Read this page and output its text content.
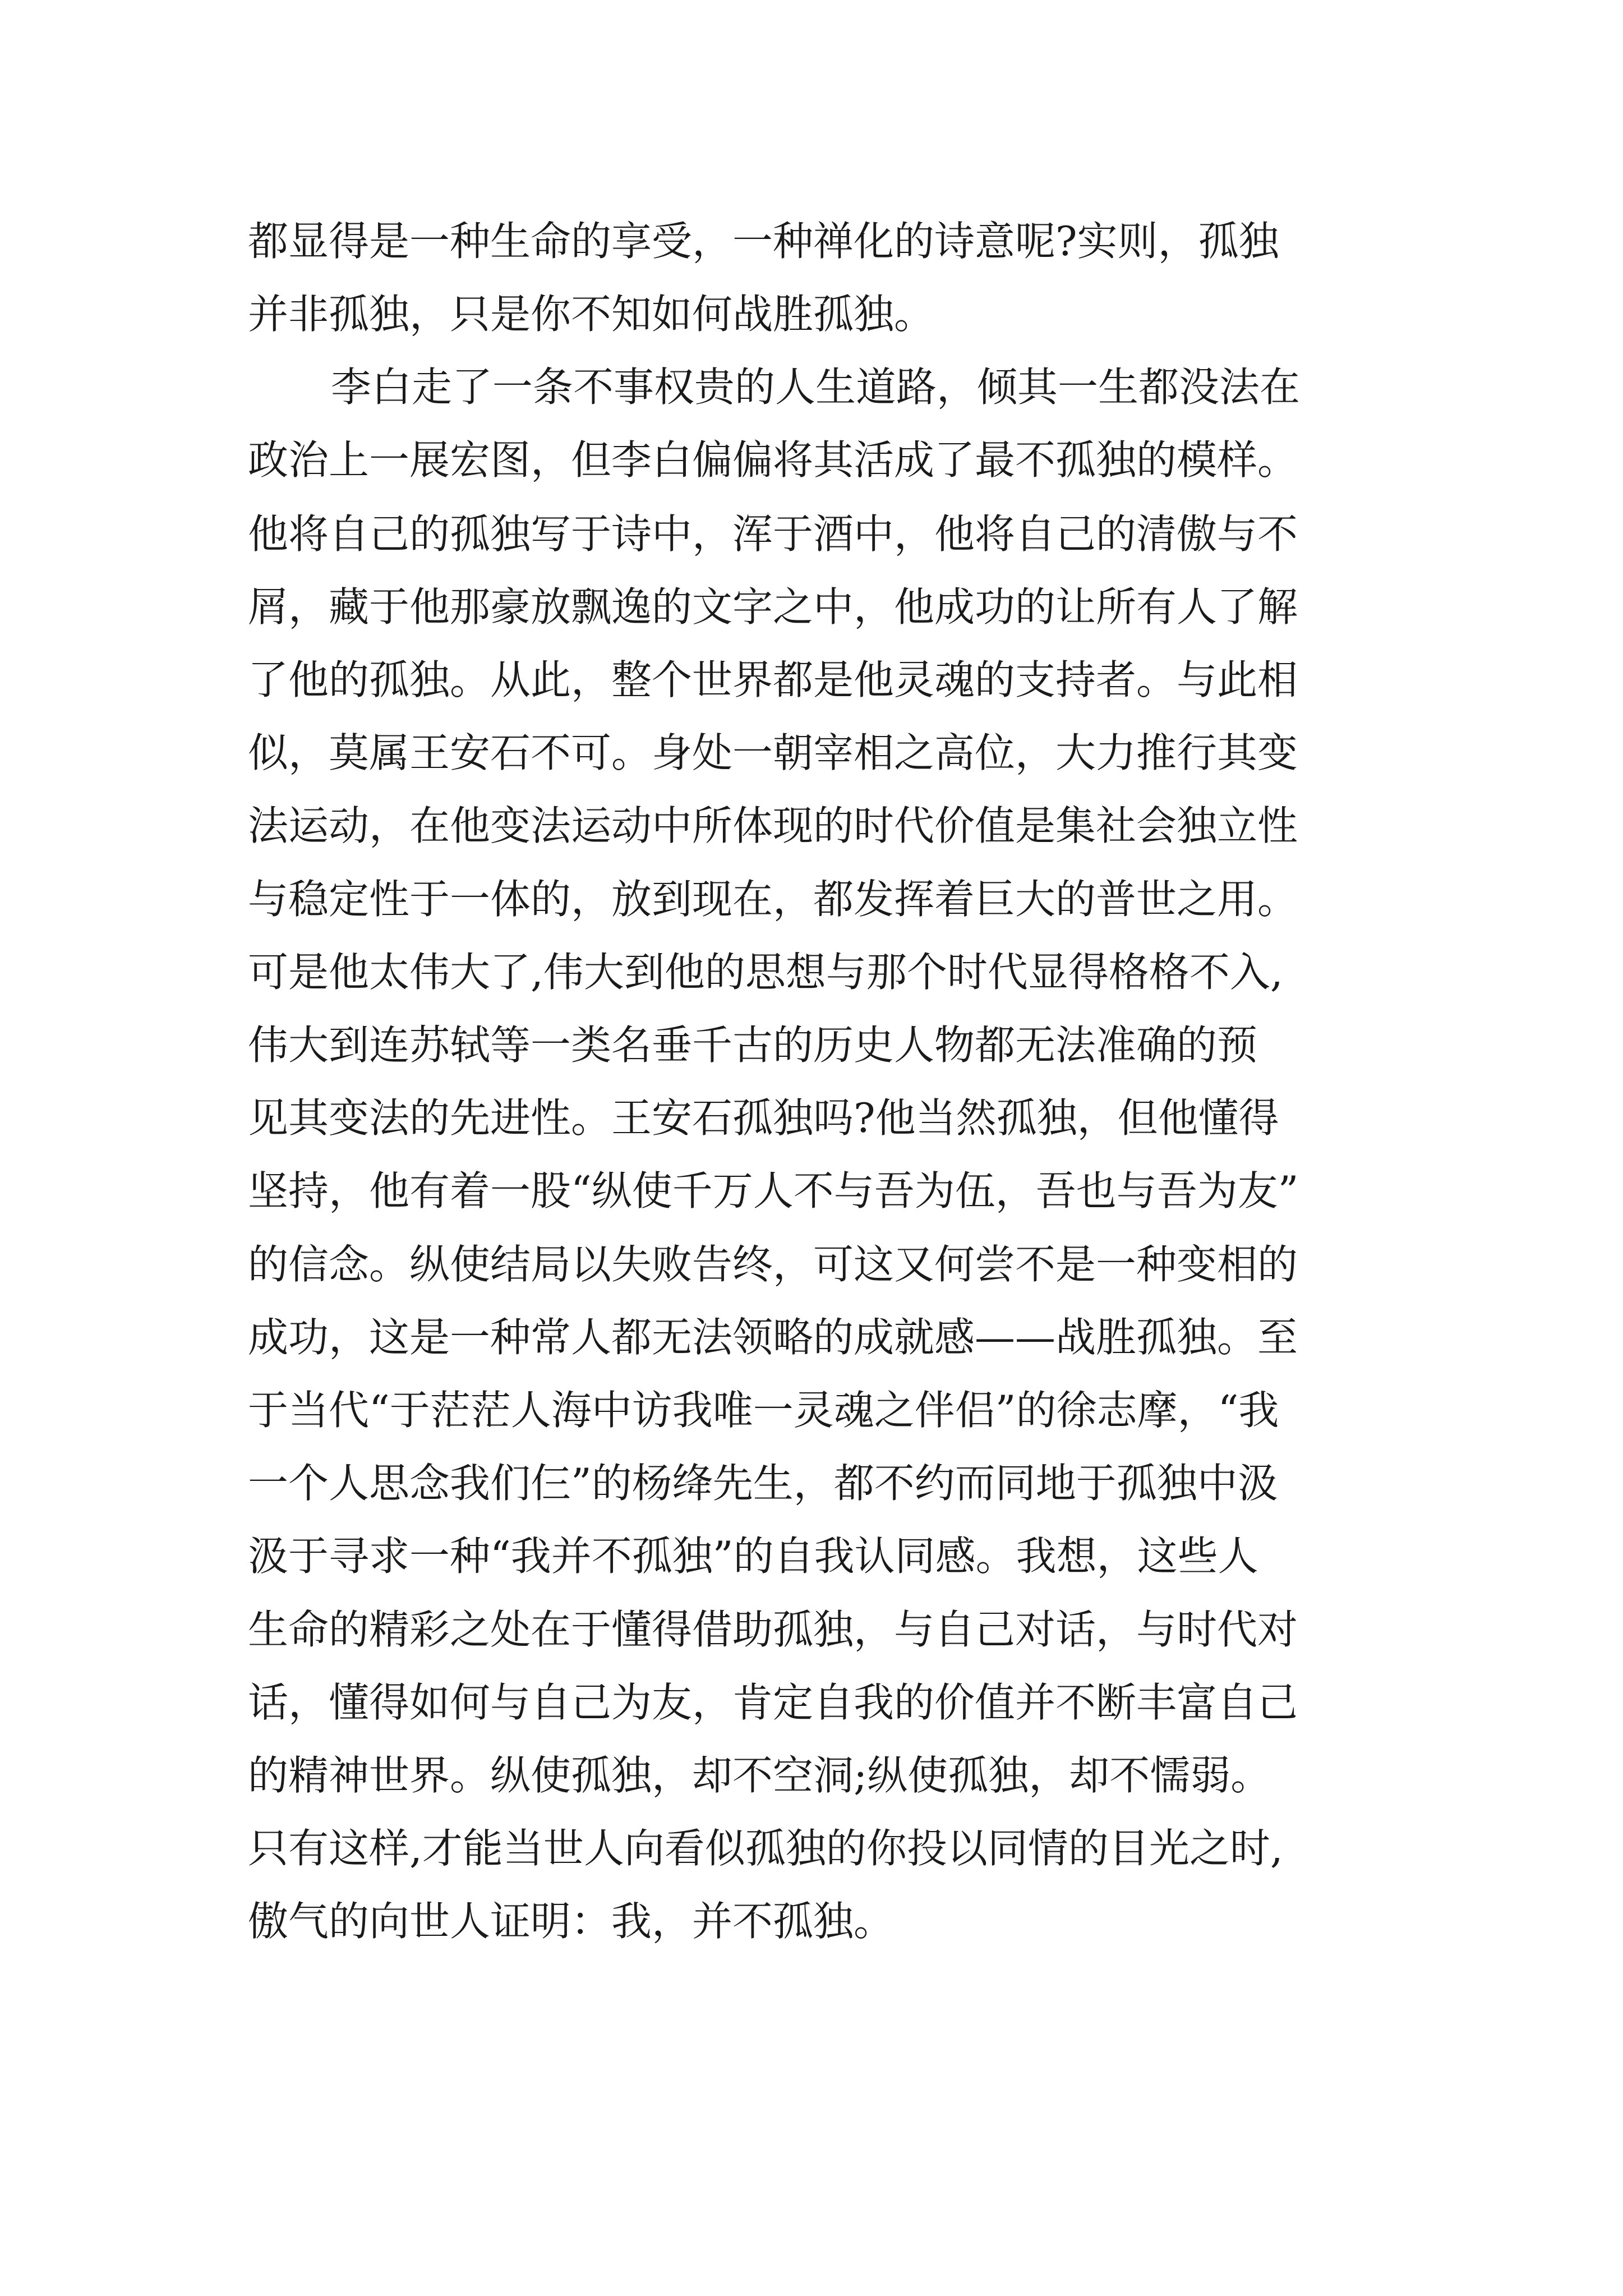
都显得是一种生命的享受，一种禅化的诗意呢?实则，孤独
并非孤独，只是你不知如何战胜孤独。
李白走了一条不事权贵的人生道路，倾其一生都没法在
政治上一展宏图，但李白偏偏将其活成了最不孤独的模样。
他将自己的孤独写于诗中，浑于酒中，他将自己的清傲与不
屑，藏于他那豪放飘逸的文字之中，他成功的让所有人了解
了他的孤独。从此，整个世界都是他灵魂的支持者。与此相
似，莫属王安石不可。身处一朝宰相之高位，大力推行其变
法运动，在他变法运动中所体现的时代价值是集社会独立性
与稳定性于一体的，放到现在，都发挥着巨大的普世之用。
可是他太伟大了,伟大到他的思想与那个时代显得格格不入,
伟大到连苏轼等一类名垂千古的历史人物都无法准确的预
见其变法的先进性。王安石孤独吗?他当然孤独，但他懂得
坚持，他有着一股“纵使千万人不与吾为伍，吾也与吾为友”
的信念。纵使结局以失败告终，可这又何尝不是一种变相的
成功，这是一种常人都无法领略的成就感——战胜孤独。至
于当代“于茫茫人海中访我唯一灵魂之伴侣”的徐志摩，“我
一个人思念我们仨”的杨绛先生，都不约而同地于孤独中汲
汲于寻求一种“我并不孤独”的自我认同感。我想，这些人
生命的精彩之处在于懂得借助孤独，与自己对话，与时代对
话，懂得如何与自己为友，肯定自我的价值并不断丰富自己
的精神世界。纵使孤独，却不空洞;纵使孤独，却不懦弱。
只有这样,才能当世人向看似孤独的你投以同情的目光之时,
傲气的向世人证明：我，并不孤独。
